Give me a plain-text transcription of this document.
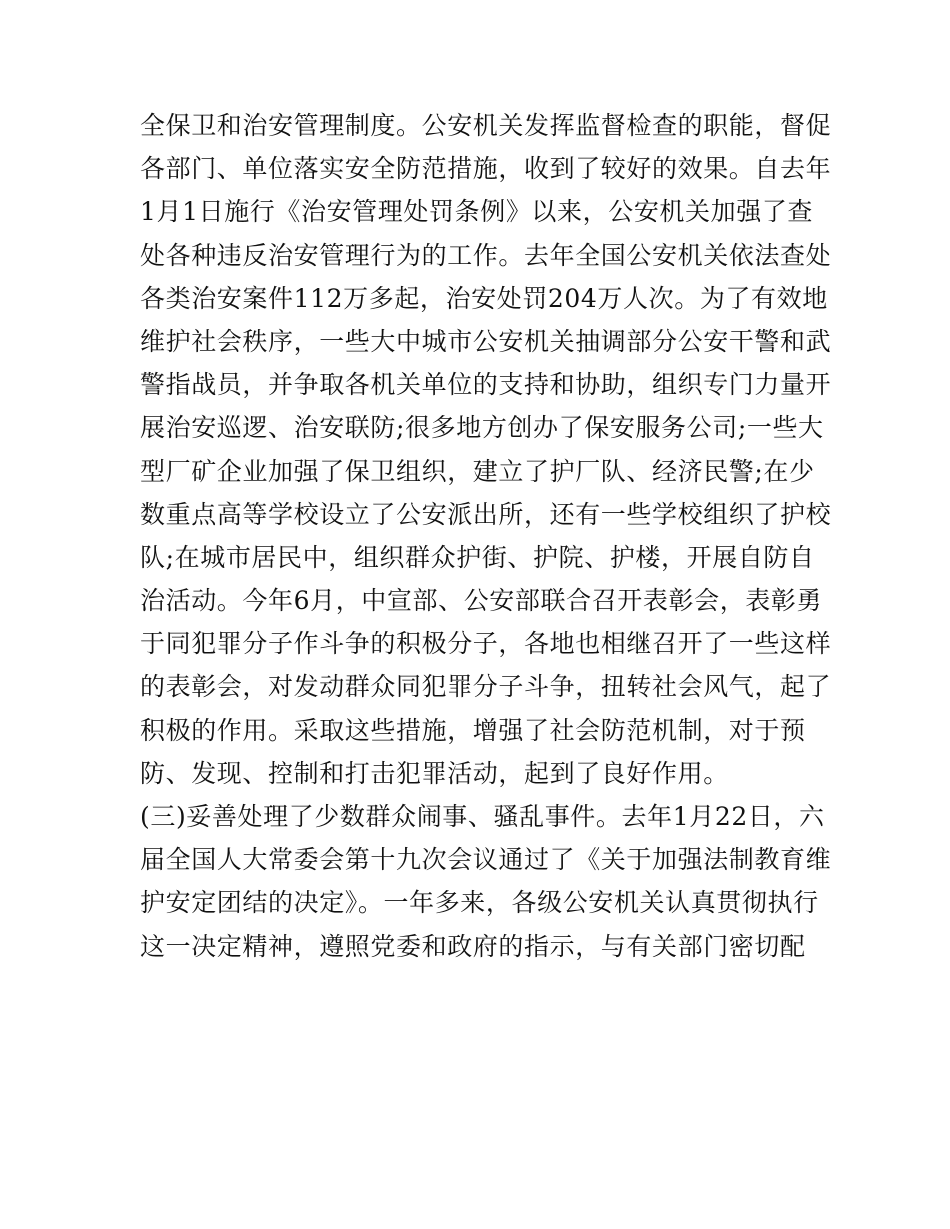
全保卫和治安管理制度。公安机关发挥监督检查的职能，督促
各部门、单位落实安全防范措施，收到了较好的效果。自去年
1月1日施行《治安管理处罚条例》以来，公安机关加强了查
处各种违反治安管理行为的工作。去年全国公安机关依法查处
各类治安案件112万多起，治安处罚204万人次。为了有效地
维护社会秩序，一些大中城市公安机关抽调部分公安干警和武
警指战员，并争取各机关单位的支持和协助，组织专门力量开
展治安巡逻、治安联防;很多地方创办了保安服务公司;一些大
型厂矿企业加强了保卫组织，建立了护厂队、经济民警;在少
数重点高等学校设立了公安派出所，还有一些学校组织了护校
队;在城市居民中，组织群众护街、护院、护楼，开展自防自
治活动。今年6月，中宣部、公安部联合召开表彰会，表彰勇
于同犯罪分子作斗争的积极分子，各地也相继召开了一些这样
的表彰会，对发动群众同犯罪分子斗争，扭转社会风气，起了
积极的作用。采取这些措施，增强了社会防范机制，对于预
防、发现、控制和打击犯罪活动，起到了良好作用。
(三)妥善处理了少数群众闹事、骚乱事件。去年1月22日，六
届全国人大常委会第十九次会议通过了《关于加强法制教育维
护安定团结的决定》。一年多来，各级公安机关认真贯彻执行
这一决定精神，遵照党委和政府的指示，与有关部门密切配
